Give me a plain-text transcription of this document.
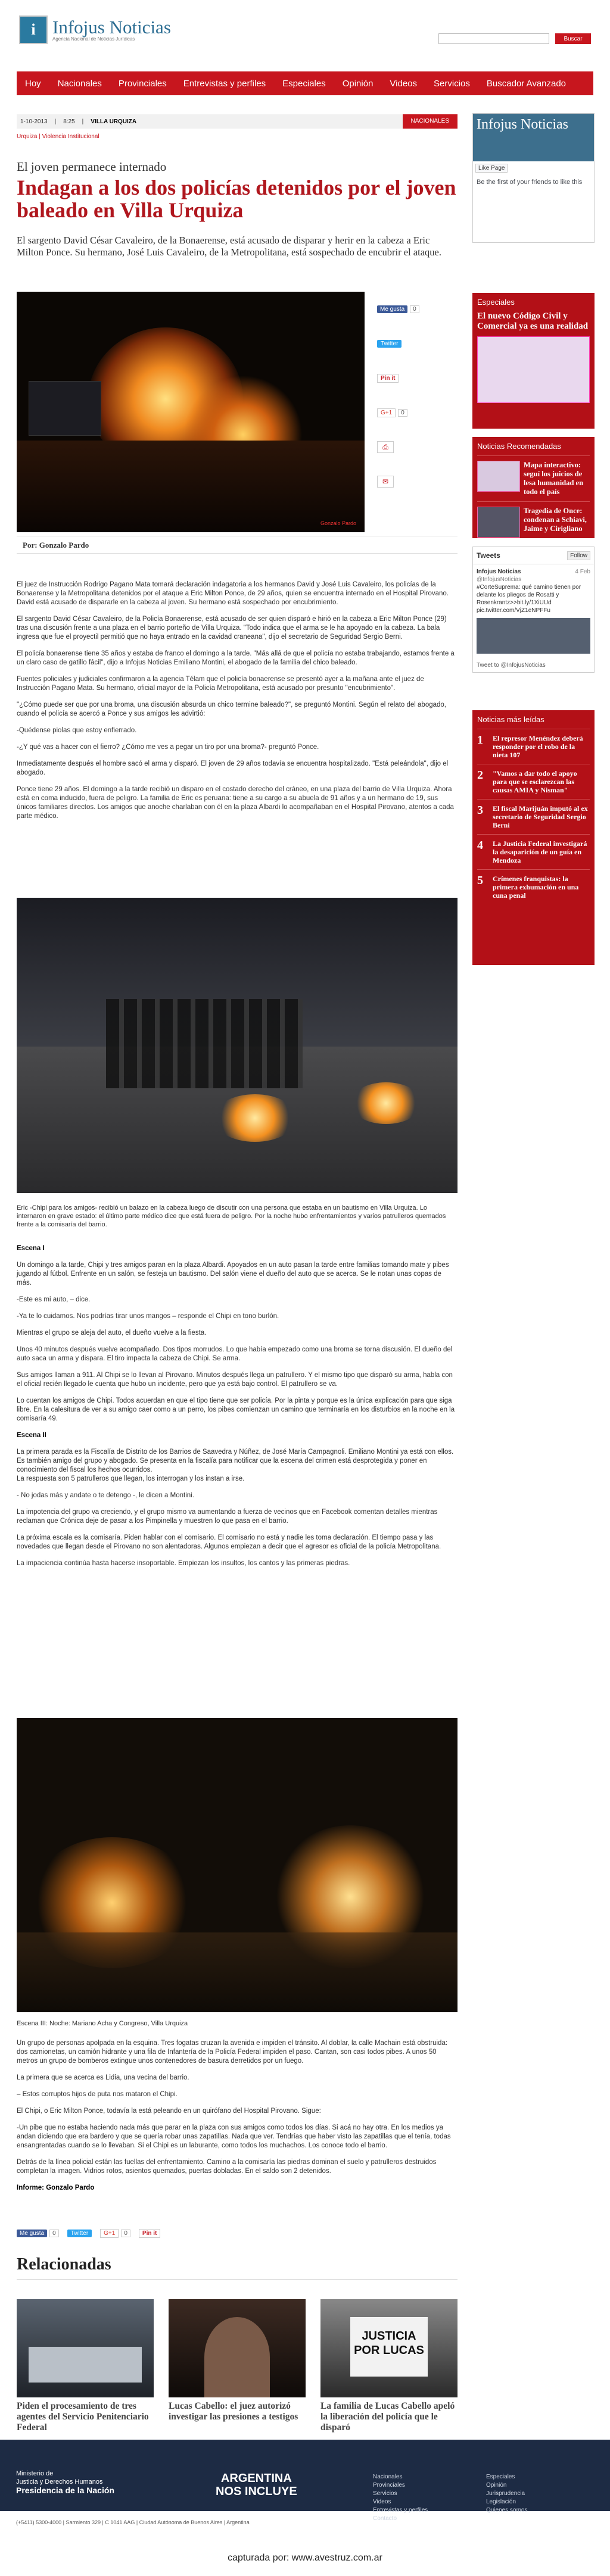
i Infojus Noticias
Agencia Nacional de Noticias Jurídicas	Buscar
Hoy	Nacionales	Provinciales	Entrevistas y perfiles	Especiales	Opinión	Videos	Servicios	Buscador Avanzado
1-10-2013	|	8:25	|	VILLA URQUIZA	NACIONALES
Urquiza | Violencia Institucional
El joven permanece internado
Indagan a los dos policías detenidos por el joven baleado en Villa Urquiza
El sargento David César Cavaleiro, de la Bonaerense, está acusado de disparar y herir en la cabeza a Eric Milton Ponce. Su hermano, José Luis Cavaleiro, de la Metropolitana, está sospechado de encubrir el ataque.
Gonzalo Pardo
Me gusta	0
Twitter
Pin it
G+1	0
⎙
✉
Por: Gonzalo Pardo

El juez de Instrucción Rodrigo Pagano Mata tomará declaración indagatoria a los hermanos David y José Luis Cavaleiro, los policías de la Bonaerense y la Metropolitana detenidos por el ataque a Eric Milton Ponce, de 29 años, quien se encuentra internado en el Hospital Pirovano. David está acusado de dispararle en la cabeza al joven. Su hermano está sospechado por encubrimiento.

El sargento David César Cavaleiro, de la Policía Bonaerense, está acusado de ser quien disparó e hirió en la cabeza a Eric Milton Ponce (29) tras una discusión frente a una plaza en el barrio porteño de Villa Urquiza. "Todo indica que el arma se le ha apoyado en la cabeza. La bala ingresa que fue el proyectil permitió que no haya entrado en la cavidad craneana", dijo el secretario de Seguridad Sergio Berni.

El policía bonaerense tiene 35 años y estaba de franco el domingo a la tarde. "Más allá de que el policía no estaba trabajando, estamos frente a un claro caso de gatillo fácil", dijo a Infojus Noticias Emiliano Montini, el abogado de la familia del chico baleado.

Fuentes policiales y judiciales confirmaron a la agencia Télam que el policía bonaerense se presentó ayer a la mañana ante el juez de Instrucción Pagano Mata. Su hermano, oficial mayor de la Policía Metropolitana, está acusado por presunto "encubrimiento".

"¿Cómo puede ser que por una broma, una discusión absurda un chico termine baleado?", se preguntó Montini. Según el relato del abogado, cuando el policía se acercó a Ponce y sus amigos les advirtió:

-Quédense piolas que estoy enfierrado.

-¿Y qué vas a hacer con el fierro? ¿Cómo me ves a pegar un tiro por una broma?- preguntó Ponce.

Inmediatamente después el hombre sacó el arma y disparó. El joven de 29 años todavía se encuentra hospitalizado. "Está peleándola", dijo el abogado.

Ponce tiene 29 años. El domingo a la tarde recibió un disparo en el costado derecho del cráneo, en una plaza del barrio de Villa Urquiza. Ahora está en coma inducido, fuera de peligro. La familia de Eric es peruana: tiene a su cargo a su abuela de 91 años y a un hermano de 19, sus únicos familiares directos. Los amigos que anoche charlaban con él en la plaza Albardi lo acompañaban en el Hospital Pirovano, atentos a cada parte médico.

Eric -Chipi para los amigos- recibió un balazo en la cabeza luego de discutir con una persona que estaba en un bautismo en Villa Urquiza. Lo internaron en grave estado: el último parte médico dice que está fuera de peligro. Por la noche hubo enfrentamientos y varios patrulleros quemados frente a la comisaría del barrio.

Escena I

Un domingo a la tarde, Chipi y tres amigos paran en la plaza Albardi. Apoyados en un auto pasan la tarde entre familias tomando mate y pibes jugando al fútbol. Enfrente en un salón, se festeja un bautismo. Del salón viene el dueño del auto que se acerca. Se le notan unas copas de más.

-Este es mi auto, – dice.

-Ya te lo cuidamos. Nos podrías tirar unos mangos – responde el Chipi en tono burlón.

Mientras el grupo se aleja del auto, el dueño vuelve a la fiesta.

Unos 40 minutos después vuelve acompañado. Dos tipos morrudos. Lo que había empezado como una broma se torna discusión. El dueño del auto saca un arma y dispara. El tiro impacta la cabeza de Chipi. Se arma.

Sus amigos llaman a 911. Al Chipi se lo llevan al Pirovano. Minutos después llega un patrullero. Y el mismo tipo que disparó su arma, habla con el oficial recién llegado le cuenta que hubo un incidente, pero que ya está bajo control. El patrullero se va.

Lo cuentan los amigos de Chipi. Todos acuerdan en que el tipo tiene que ser policía. Por la pinta y porque es la única explicación para que siga libre. En la calesitura de ver a su amigo caer como a un perro, los pibes comienzan un camino que terminaría en los disturbios en la noche en la comisaría 49.

Escena II

La primera parada es la Fiscalía de Distrito de los Barrios de Saavedra y Núñez, de José María Campagnoli. Emiliano Montini ya está con ellos. Es también amigo del grupo y abogado. Se presenta en la fiscalía para notificar que la escena del crimen está desprotegida y poner en conocimiento del fiscal los hechos ocurridos.
La respuesta son 5 patrulleros que llegan, los interrogan y los instan a irse.

- No jodas más y andate o te detengo -, le dicen a Montini.

La impotencia del grupo va creciendo, y el grupo mismo va aumentando a fuerza de vecinos que en Facebook comentan detalles mientras reclaman que Crónica deje de pasar a los Pimpinella y muestren lo que pasa en el barrio.

La próxima escala es la comisaría. Piden hablar con el comisario. El comisario no está y nadie les toma declaración. El tiempo pasa y las novedades que llegan desde el Pirovano no son alentadoras. Algunos empiezan a decir que el agresor es oficial de la policía Metropolitana.

La impaciencia continúa hasta hacerse insoportable. Empiezan los insultos, los cantos y las primeras piedras.

Escena III: Noche: Mariano Acha y Congreso, Villa Urquiza

Un grupo de personas apolpada en la esquina. Tres fogatas cruzan la avenida e impiden el tránsito. Al doblar, la calle Machain está obstruida: dos camionetas, un camión hidrante y una fila de Infantería de la Policía Federal impiden el paso. Cantan, son casi todos pibes. A unos 50 metros un grupo de bomberos extingue unos contenedores de basura derretidos por un fuego.

La primera que se acerca es Lidia, una vecina del barrio.

– Estos corruptos hijos de puta nos mataron el Chipi.

El Chipi, o Eric Milton Ponce, todavía la está peleando en un quirófano del Hospital Pirovano. Sigue:

-Un pibe que no estaba haciendo nada más que parar en la plaza con sus amigos como todos los días. Si acá no hay otra. En los medios ya andan diciendo que era bardero y que se quería robar unas zapatillas. Nada que ver. Tendrías que haber visto las zapatillas que el tenía, todas ensangrentadas cuando se lo llevaban. Si el Chipi es un laburante, como todos los muchachos. Los conoce todo el barrio.

Detrás de la línea policial están las fuellas del enfrentamiento. Camino a la comisaría las piedras dominan el suelo y patrulleros destruidos completan la imagen. Vidrios rotos, asientos quemados, puertas dobladas. En el saldo son 2 detenidos.

Informe: Gonzalo Pardo

Me gusta 0	Twitter	G+1 0	Pin it
Relacionadas
Piden el procesamiento de tres agentes del Servicio Penitenciario Federal
Lucas Cabello: el juez autorizó investigar las presiones a testigos
JUSTICIA POR LUCAS
La familia de Lucas Cabello apeló la liberación del policía que le disparó
Infojus Noticias
Like Page
Be the first of your friends to like this
Especiales
El nuevo Código Civil y Comercial ya es una realidad
Noticias Recomendadas
Mapa interactivo: seguí los juicios de lesa humanidad en todo el país
Tragedia de Once: condenan a Schiavi, Jaime y Cirigliano
Tweets	Follow
Infojus Noticias	4 Feb

@InfojusNoticias
#CorteSuprema: qué camino tienen por delante los pliegos de Rosatti y Rosenkrantz>>bit.ly/1XiUUd pic.twitter.com/VjZ1eNPFFu
Tweet to @InfojusNoticias
Noticias más leídas
1	El represor Menéndez deberá responder por el robo de la nieta 107
2	"Vamos a dar todo el apoyo para que se esclarezcan las causas AMIA y Nisman"
3	El fiscal Marijuán imputó al ex secretario de Seguridad Sergio Berni
4	La Justicia Federal investigará la desaparición de un guía en Mendoza
5	Crímenes franquistas: la primera exhumación en una cuna penal
Ministerio de
Justicia y Derechos Humanos
Presidencia de la Nación
ARGENTINA
NOS INCLUYE
Nacionales
Provinciales
Servicios
Videos
Entrevistas y perfiles
Contacto
Especiales
Opinión
Jurisprudencia
Legislación
Quienes somos
(+5411) 5300-4000 | Sarmiento 329 | C 1041 AAG | Ciudad Autónoma de Buenos Aires | Argentina
capturada por: www.avestruz.com.ar
